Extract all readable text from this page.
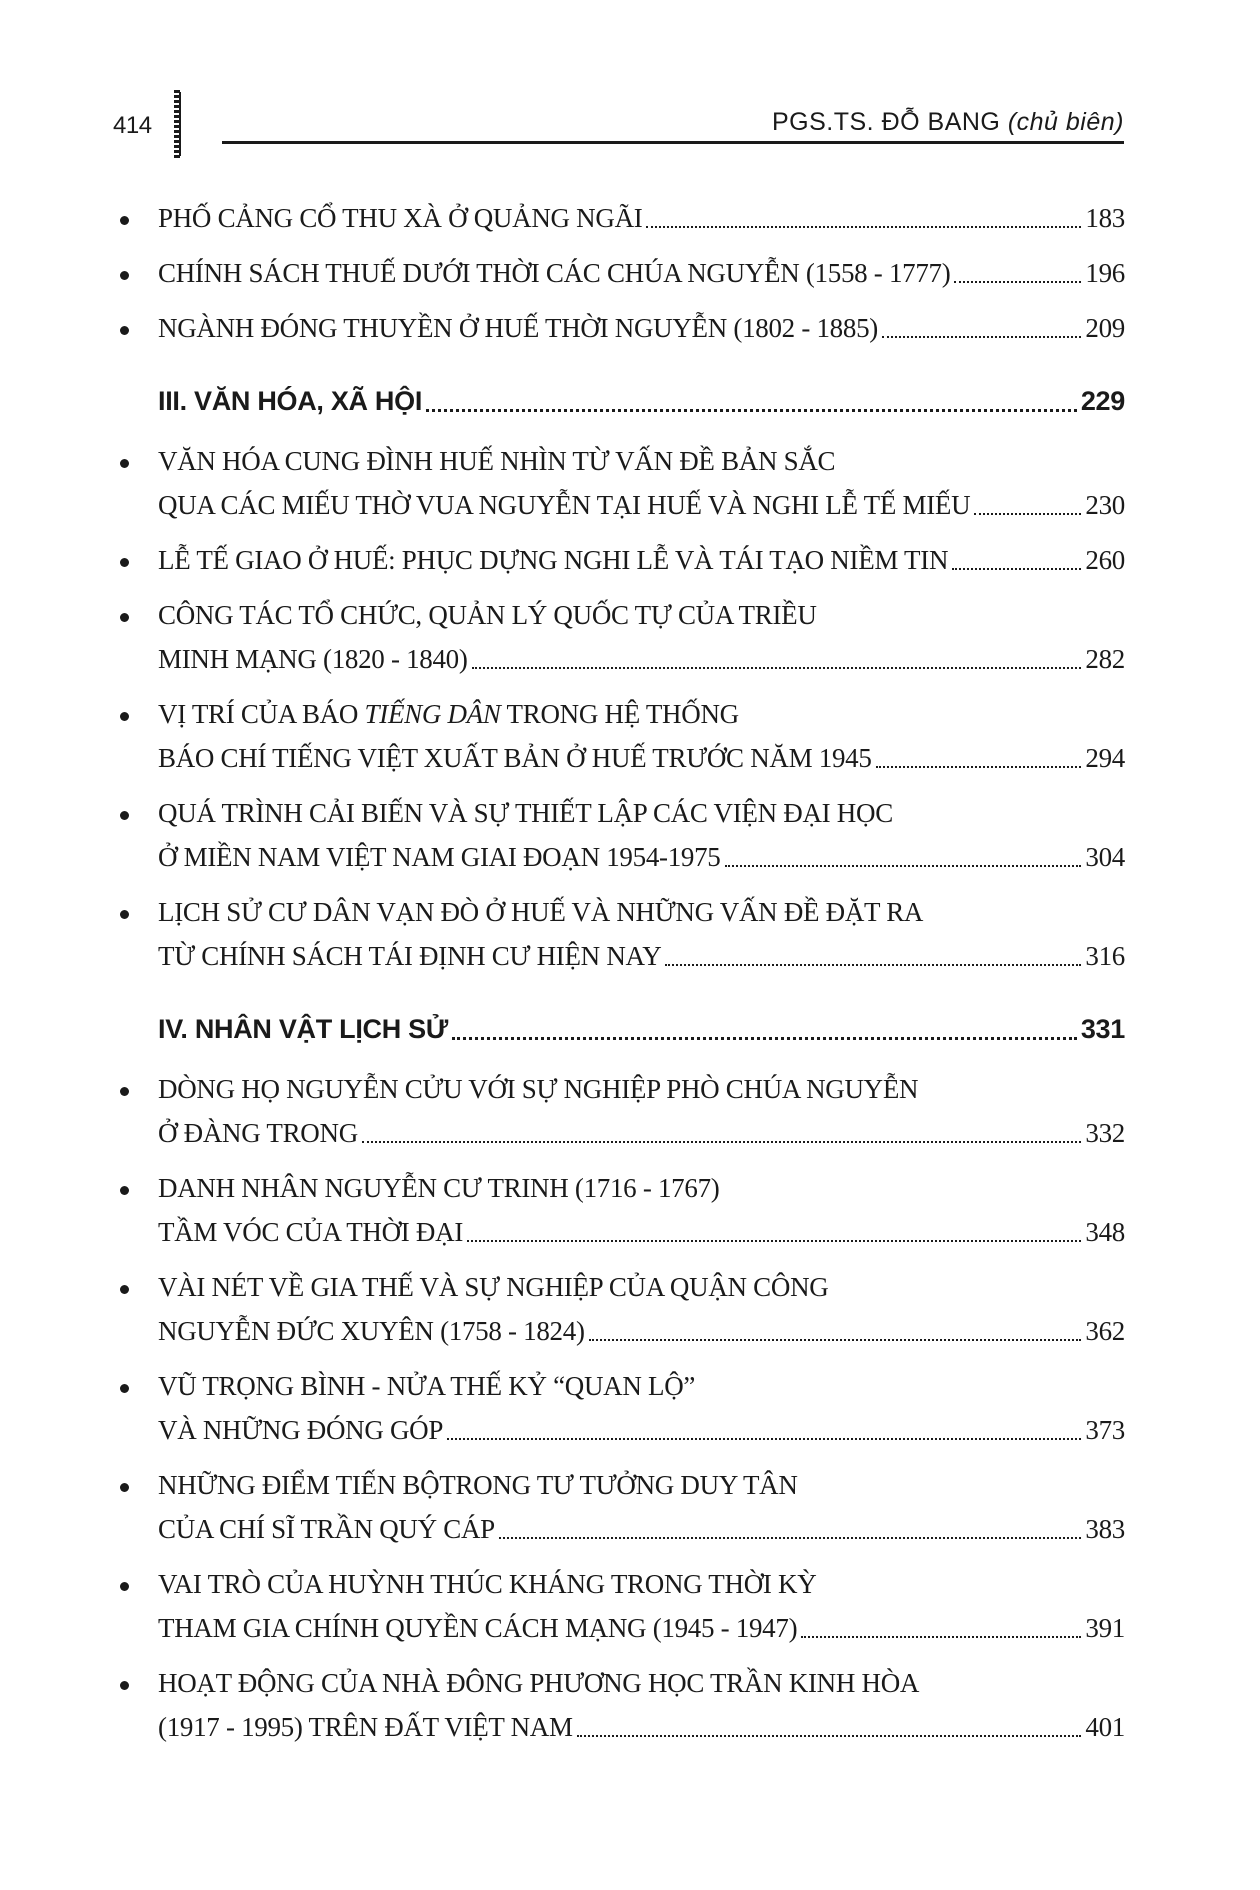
414	PGS.TS. ĐỖ BANG (chủ biên)
PHỐ CẢNG CỔ THU XÀ Ở QUẢNG NGÃI	183
CHÍNH SÁCH THUẾ DƯỚI THỜI CÁC CHÚA NGUYỄN (1558 - 1777)	196
NGÀNH ĐÓNG THUYỀN Ở HUẾ THỜI NGUYỄN (1802 - 1885)	209
III. VĂN HÓA, XÃ HỘI	229
VĂN HÓA CUNG ĐÌNH HUẾ NHÌN TỪ VẤN ĐỀ BẢN SẮC
QUA CÁC MIẾU THỜ VUA NGUYỄN TẠI HUẾ VÀ NGHI LỄ TẾ MIẾU	230
LỄ TẾ GIAO Ở HUẾ: PHỤC DỰNG NGHI LỄ VÀ TÁI TẠO NIỀM TIN	260
CÔNG TÁC TỔ CHỨC, QUẢN LÝ QUỐC TỰ CỦA TRIỀU
MINH MẠNG (1820 - 1840)	282
VỊ TRÍ CỦA BÁO TIẾNG DÂN TRONG HỆ THỐNG
BÁO CHÍ TIẾNG VIỆT XUẤT BẢN Ở HUẾ TRƯỚC NĂM 1945	294
QUÁ TRÌNH CẢI BIẾN VÀ SỰ THIẾT LẬP CÁC VIỆN ĐẠI HỌC
Ở MIỀN NAM VIỆT NAM GIAI ĐOẠN 1954-1975	304
LỊCH SỬ CƯ DÂN VẠN ĐÒ Ở HUẾ VÀ NHỮNG VẤN ĐỀ ĐẶT RA
TỪ CHÍNH SÁCH TÁI ĐỊNH CƯ HIỆN NAY	316
IV. NHÂN VẬT LỊCH SỬ	331
DÒNG HỌ NGUYỄN CỬU VỚI SỰ NGHIỆP PHÒ CHÚA NGUYỄN
Ở ĐÀNG TRONG	332
DANH NHÂN NGUYỄN CƯ TRINH (1716 - 1767)
TẦM VÓC CỦA THỜI ĐẠI	348
VÀI NÉT VỀ GIA THẾ VÀ SỰ NGHIỆP CỦA QUẬN CÔNG
NGUYỄN ĐỨC XUYÊN (1758 - 1824)	362
VŨ TRỌNG BÌNH - NỬA THẾ KỶ “QUAN LỘ”
VÀ NHỮNG ĐÓNG GÓP	373
NHỮNG ĐIỂM TIẾN BỘTRONG TƯ TƯỞNG DUY TÂN
CỦA CHÍ SĨ TRẦN QUÝ CÁP	383
VAI TRÒ CỦA HUỲNH THÚC KHÁNG TRONG THỜI KỲ
THAM GIA CHÍNH QUYỀN CÁCH MẠNG (1945 - 1947)	391
HOẠT ĐỘNG CỦA NHÀ ĐÔNG PHƯƠNG HỌC TRẦN KINH HÒA
(1917 - 1995) TRÊN ĐẤT VIỆT NAM	401
